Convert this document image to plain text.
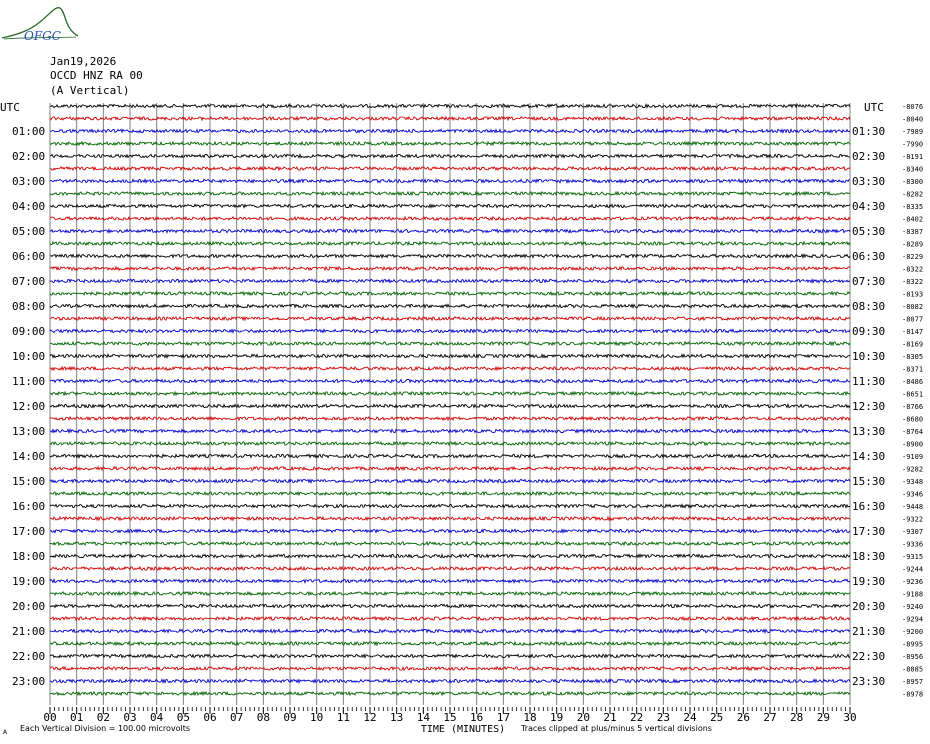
OFGC
Jan19,2026
OCCD HNZ RA 00
(A Vertical)
-8076
-8040
-7989
-7990
-8191
-8340
-8300
-8282
-8335
-8402
-8387
-8289
-8229
-8322
-8322
-8193
-8082
-8077
-8147
-8169
-8305
-8371
-8486
-8651
-8766
-8680
-8764
-8900
-9109
-9282
-9348
-9346
-9448
-9322
-9307
-9336
-9315
-9244
-9236
-9188
-9240
-9294
-9200
-8995
-8956
-8885
-8957
-8978
UTC	UTC
01:00
02:00
03:00
04:00
05:00
06:00
07:00
08:00
09:00
10:00
11:00
12:00
13:00
14:00
15:00
16:00
17:00
18:00
19:00
20:00
21:00
22:00
23:00
01:30
02:30
03:30
04:30
05:30
06:30
07:30
08:30
09:30
10:30
11:30
12:30
13:30
14:30
15:30
16:30
17:30
18:30
19:30
20:30
21:30
22:30
23:30
00 01 02 03 04 05 06 07 08 09 10 11 12 13 14 15 16 17 18 19 20 21 22 23 24 25 26 27 28 29 30
TIME (MINUTES)
Each Vertical Division = 100.00 microvolts	Traces clipped at plus/minus 5 vertical divisions
A
